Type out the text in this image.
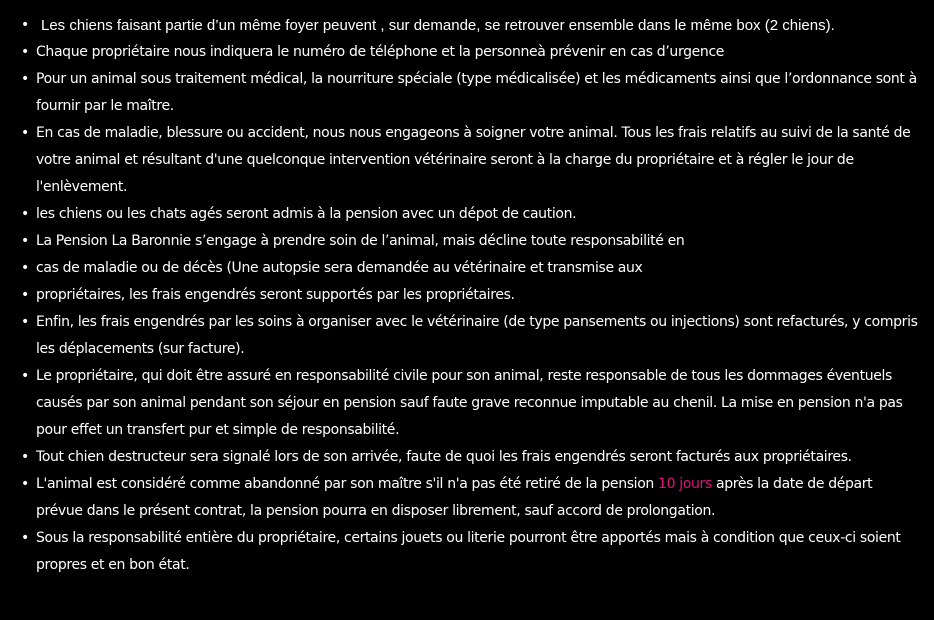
• Les chiens faisant partie d’un même foyer peuvent , sur demande, se retrouver ensemble dans le même box (2 chiens).
• Chaque propriétaire nous indiquera le numéro de téléphone et la personneà prévenir en cas d’urgence
• Pour un animal sous traitement médical, la nourriture spéciale (type médicalisée) et les médicaments ainsi que l’ordonnance sont à fournir par le maître.
• En cas de maladie, blessure ou accident, nous nous engageons à soigner votre animal. Tous les frais relatifs au suivi de la santé de votre animal et résultant d'une quelconque intervention vétérinaire seront à la charge du propriétaire et à régler le jour de l'enlèvement.
• les chiens ou les chats agés seront admis à la pension avec un dépot de caution.
• La Pension La Baronnie s’engage à prendre soin de l’animal, mais décline toute responsabilité en
• cas de maladie ou de décès (Une autopsie sera demandée au vétérinaire et transmise aux
• propriétaires, les frais engendrés seront supportés par les propriétaires.
• Enfin, les frais engendrés par les soins à organiser avec le vétérinaire (de type pansements ou injections) sont refacturés, y compris les déplacements (sur facture).
• Le propriétaire, qui doit être assuré en responsabilité civile pour son animal, reste responsable de tous les dommages éventuels causés par son animal pendant son séjour en pension sauf faute grave reconnue imputable au chenil. La mise en pension n'a pas pour effet un transfert pur et simple de responsabilité.
• Tout chien destructeur sera signalé lors de son arrivée, faute de quoi les frais engendrés seront facturés aux propriétaires.
• L'animal est considéré comme abandonné par son maître s'il n'a pas été retiré de la pension 10 jours après la date de départ prévue dans le présent contrat, la pension pourra en disposer librement, sauf accord de prolongation.
• Sous la responsabilité entière du propriétaire, certains jouets ou literie pourront être apportés mais à condition que ceux-ci soient propres et en bon état.
